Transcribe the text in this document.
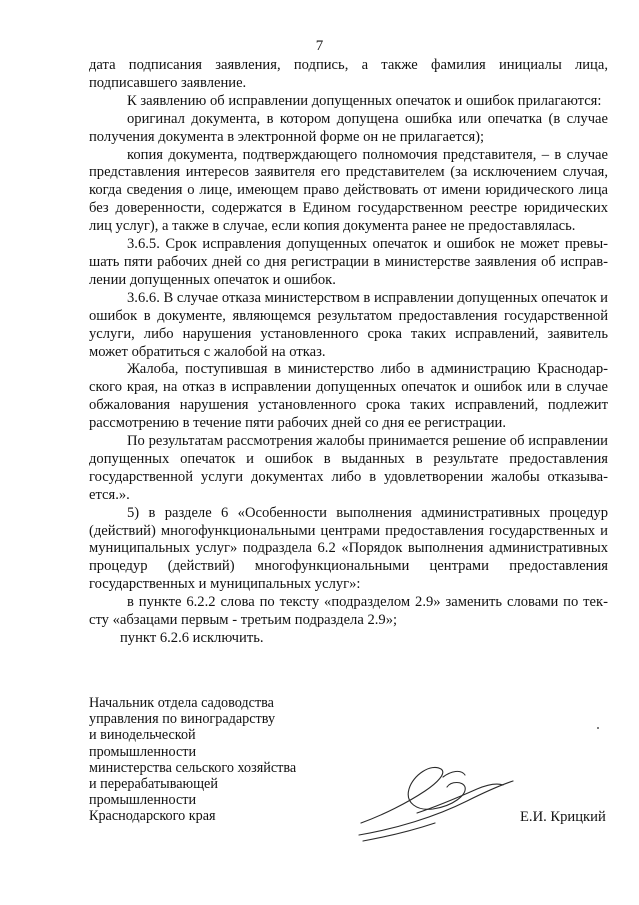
7

дата подписания заявления, подпись, а также фамилия инициалы лица, подписавшего заявление.

К заявлению об исправлении допущенных опечаток и ошибок прилагаются:

оригинал документа, в котором допущена ошибка или опечатка (в случае получения документа в электронной форме он не прилагается);

копия документа, подтверждающего полномочия представителя, – в случае представления интересов заявителя его представителем (за исключением случая, когда сведения о лице, имеющем право действовать от имени юридического лица без доверенности, содержатся в Едином государственном реестре юридических лиц услуг), а также в случае, если копия документа ранее не предоставлялась.

3.6.5. Срок исправления допущенных опечаток и ошибок не может превышать пяти рабочих дней со дня регистрации в министерстве заявления об исправлении допущенных опечаток и ошибок.

3.6.6. В случае отказа министерством в исправлении допущенных опечаток и ошибок в документе, являющемся результатом предоставления государственной услуги, либо нарушения установленного срока таких исправлений, заявитель может обратиться с жалобой на отказ.

Жалоба, поступившая в министерство либо в администрацию Краснодарского края, на отказ в исправлении допущенных опечаток и ошибок или в случае обжалования нарушения установленного срока таких исправлений, подлежит рассмотрению в течение пяти рабочих дней со дня ее регистрации.

По результатам рассмотрения жалобы принимается решение об исправлении допущенных опечаток и ошибок в выданных в результате предоставления государственной услуги документах либо в удовлетворении жалобы отказывается.».

5) в разделе 6 «Особенности выполнения административных процедур (действий) многофункциональными центрами предоставления государственных и муниципальных услуг» подраздела 6.2 «Порядок выполнения административных процедур (действий) многофункциональными центрами предоставления государственных и муниципальных услуг»:

в пункте 6.2.2 слова по тексту «подразделом 2.9» заменить словами по тексту «абзацами первым - третьим подраздела 2.9»;

пункт 6.2.6 исключить.

Начальник отдела садоводства
управления по виноградарству
и винодельческой
промышленности
министерства сельского хозяйства
и перерабатывающей
промышленности
Краснодарского края	Е.И. Крицкий
